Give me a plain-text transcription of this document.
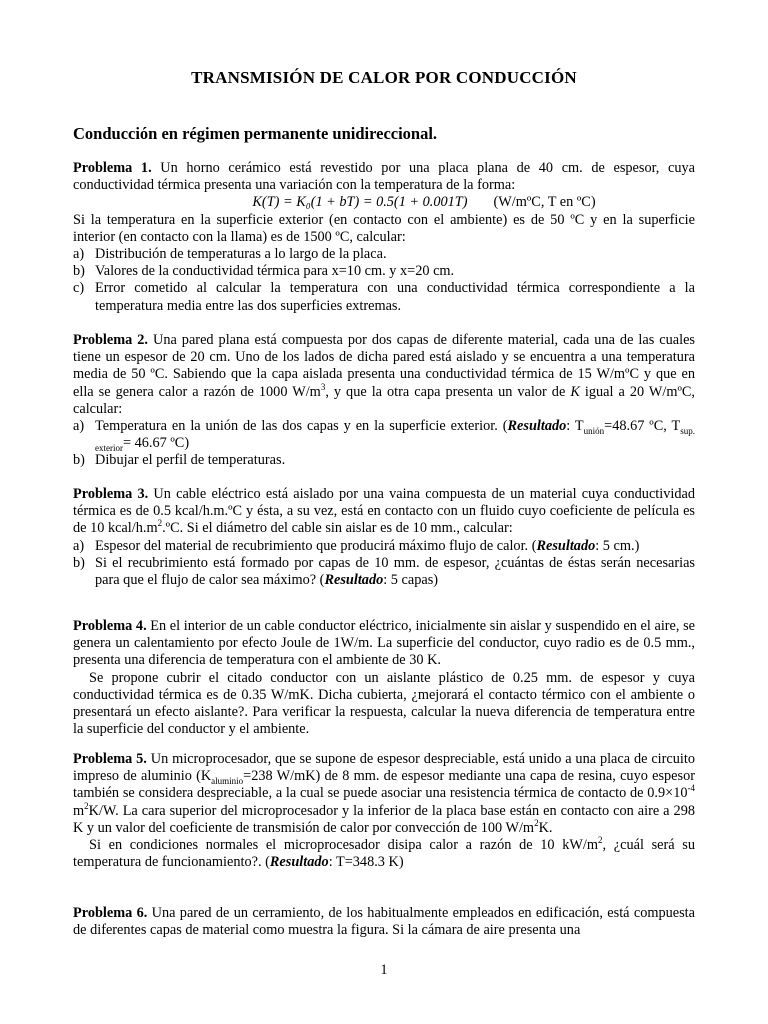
TRANSMISIÓN DE CALOR POR CONDUCCIÓN
Conducción en régimen permanente unidireccional.

Problema 1. Un horno cerámico está revestido por una placa plana de 40 cm. de espesor, cuya conductividad térmica presenta una variación con la temperatura de la forma:

K(T) = K₀(1 + bT) = 0.5(1 + 0.001T) (W/mºC, T en ºC)

Si la temperatura en la superficie exterior (en contacto con el ambiente) es de 50 ºC y en la superficie interior (en contacto con la llama) es de 1500 ºC, calcular:

a) Distribución de temperaturas a lo largo de la placa.
b) Valores de la conductividad térmica para x=10 cm. y x=20 cm.
c) Error cometido al calcular la temperatura con una conductividad térmica correspondiente a la temperatura media entre las dos superficies extremas.

Problema 2. Una pared plana está compuesta por dos capas de diferente material, cada una de las cuales tiene un espesor de 20 cm. Uno de los lados de dicha pared está aislado y se encuentra a una temperatura media de 50 ºC. Sabiendo que la capa aislada presenta una conductividad térmica de 15 W/mºC y que en ella se genera calor a razón de 1000 $W/m^3$, y que la otra capa presenta un valor de K igual a 20 W/mºC, calcular:

a) Temperatura en la unión de las dos capas y en la superficie exterior. (Resultado: $T_{unión}=48.67$ ºC, $T_{sup. exterior}= 46.67$ ºC)
b) Dibujar el perfil de temperaturas.

Problema 3. Un cable eléctrico está aislado por una vaina compuesta de un material cuya conductividad térmica es de 0.5 kcal/h.m.ºC y ésta, a su vez, está en contacto con un fluido cuyo coeficiente de película es de 10 kcal/$h.m^2.ºC$. Si el diámetro del cable sin aislar es de 10 mm., calcular:

a) Espesor del material de recubrimiento que producirá máximo flujo de calor. (Resultado: 5 cm.)
b) Si el recubrimiento está formado por capas de 10 mm. de espesor, ¿cuántas de éstas serán necesarias para que el flujo de calor sea máximo? (Resultado: 5 capas)

Problema 4. En el interior de un cable conductor eléctrico, inicialmente sin aislar y suspendido en el aire, se genera un calentamiento por efecto Joule de 1W/m. La superficie del conductor, cuyo radio es de 0.5 mm., presenta una diferencia de temperatura con el ambiente de 30 K.

Se propone cubrir el citado conductor con un aislante plástico de 0.25 mm. de espesor y cuya conductividad térmica es de 0.35 W/mK. Dicha cubierta, ¿mejorará el contacto térmico con el ambiente o presentará un efecto aislante?. Para verificar la respuesta, calcular la nueva diferencia de temperatura entre la superficie del conductor y el ambiente.

Problema 5. Un microprocesador, que se supone de espesor despreciable, está unido a una placa de circuito impreso de aluminio ($K_{aluminio}=238$ W/mK) de 8 mm. de espesor mediante una capa de resina, cuyo espesor también se considera despreciable, a la cual se puede asociar una resistencia térmica de contacto de $0.9\times 10^{-4}$ $m^2K/W$. La cara superior del microprocesador y la inferior de la placa base están en contacto con aire a 298 K y un valor del coeficiente de transmisión de calor por convección de 100 $W/m^2K$.

Si en condiciones normales el microprocesador disipa calor a razón de 10 $kW/m^2$, ¿cuál será su temperatura de funcionamiento?. (Resultado: T=348.3 K)

Problema 6. Una pared de un cerramiento, de los habitualmente empleados en edificación, está compuesta de diferentes capas de material como muestra la figura. Si la cámara de aire presenta una

1
